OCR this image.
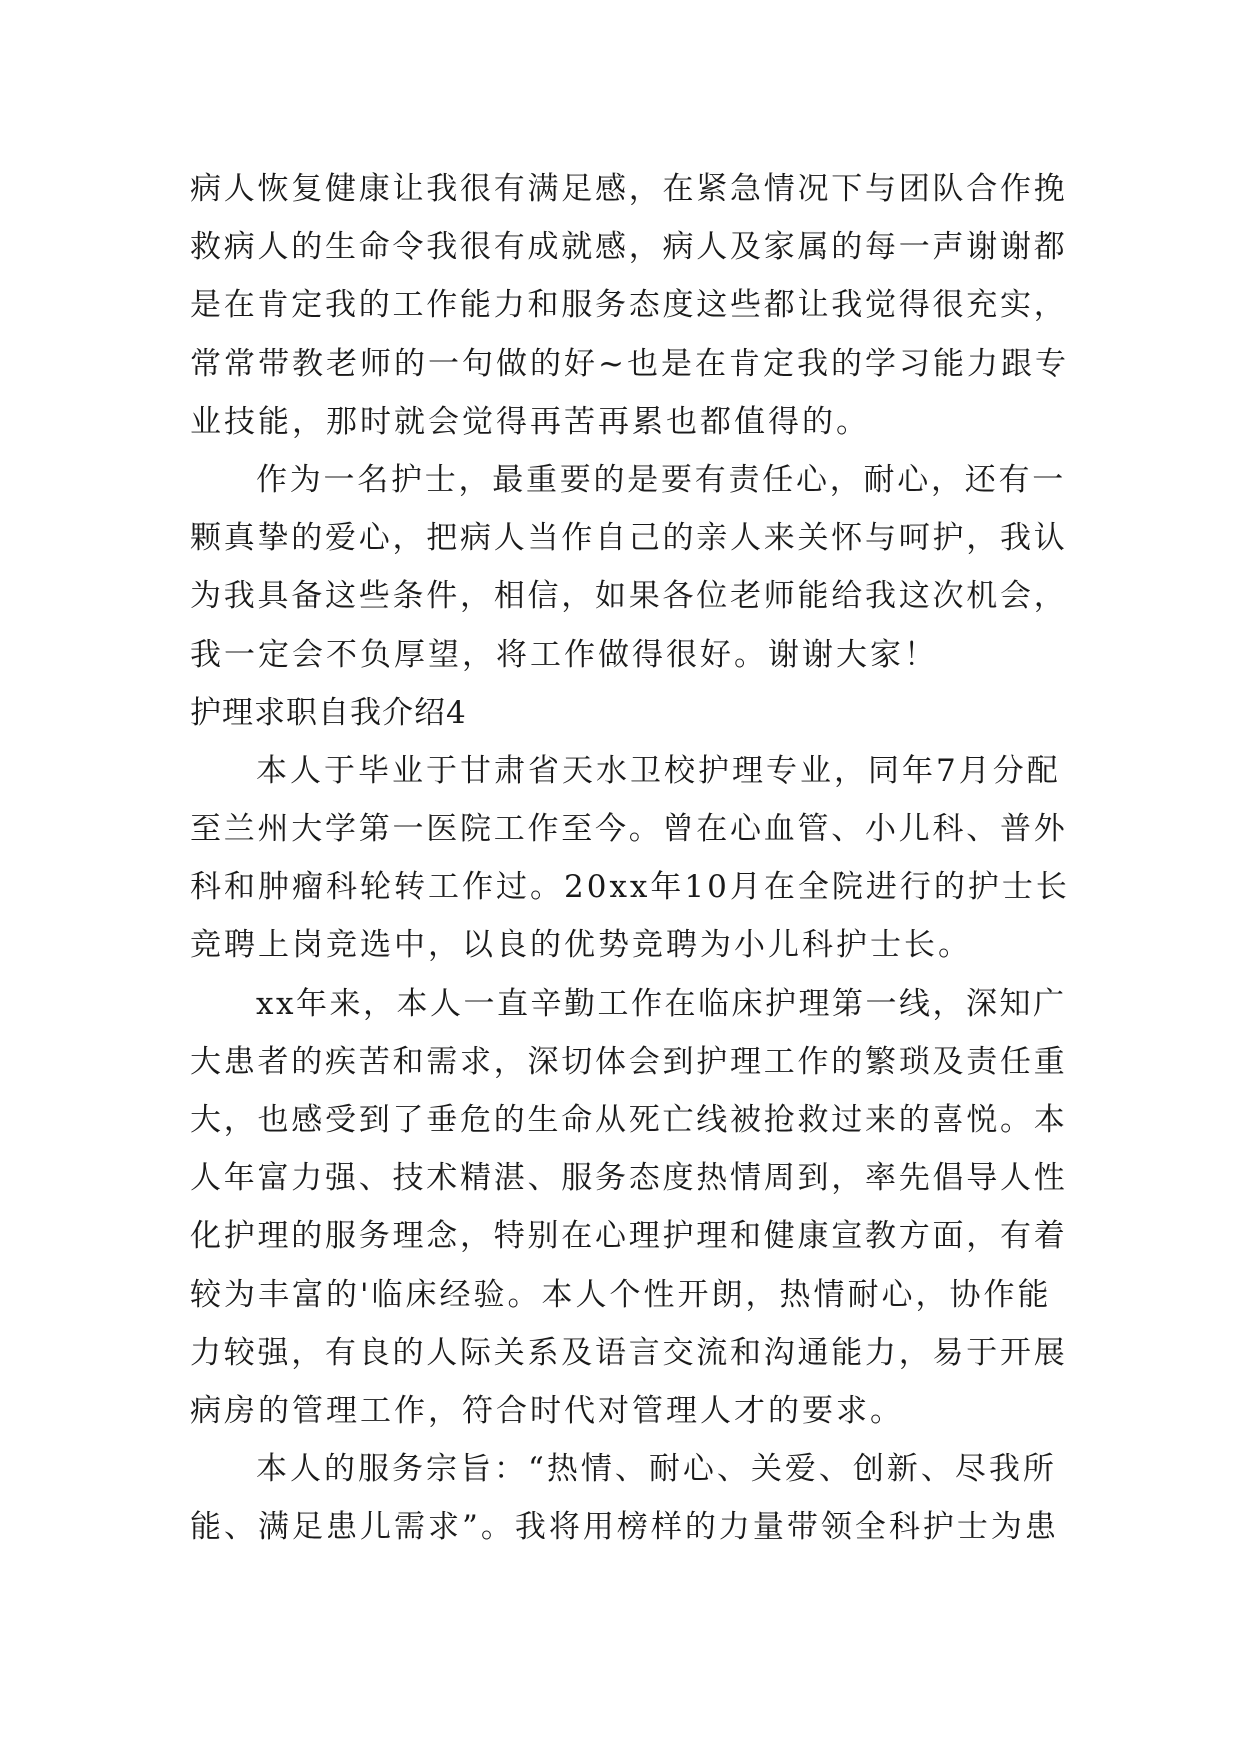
病人恢复健康让我很有满足感，在紧急情况下与团队合作挽
救病人的生命令我很有成就感，病人及家属的每一声谢谢都
是在肯定我的工作能力和服务态度这些都让我觉得很充实，
常常带教老师的一句做的好~也是在肯定我的学习能力跟专
业技能，那时就会觉得再苦再累也都值得的。
作为一名护士，最重要的是要有责任心，耐心，还有一
颗真挚的爱心，把病人当作自己的亲人来关怀与呵护，我认
为我具备这些条件，相信，如果各位老师能给我这次机会，
我一定会不负厚望，将工作做得很好。谢谢大家！
护理求职自我介绍4
本人于毕业于甘肃省天水卫校护理专业，同年7月分配
至兰州大学第一医院工作至今。曾在心血管、小儿科、普外
科和肿瘤科轮转工作过。20xx年10月在全院进行的护士长
竞聘上岗竞选中，以良的优势竞聘为小儿科护士长。
xx年来，本人一直辛勤工作在临床护理第一线，深知广
大患者的疾苦和需求，深切体会到护理工作的繁琐及责任重
大，也感受到了垂危的生命从死亡线被抢救过来的喜悦。本
人年富力强、技术精湛、服务态度热情周到，率先倡导人性
化护理的服务理念，特别在心理护理和健康宣教方面，有着
较为丰富的'临床经验。本人个性开朗，热情耐心，协作能
力较强，有良的人际关系及语言交流和沟通能力，易于开展
病房的管理工作，符合时代对管理人才的要求。
本人的服务宗旨：“热情、耐心、关爱、创新、尽我所
能、满足患儿需求”。我将用榜样的力量带领全科护士为患
